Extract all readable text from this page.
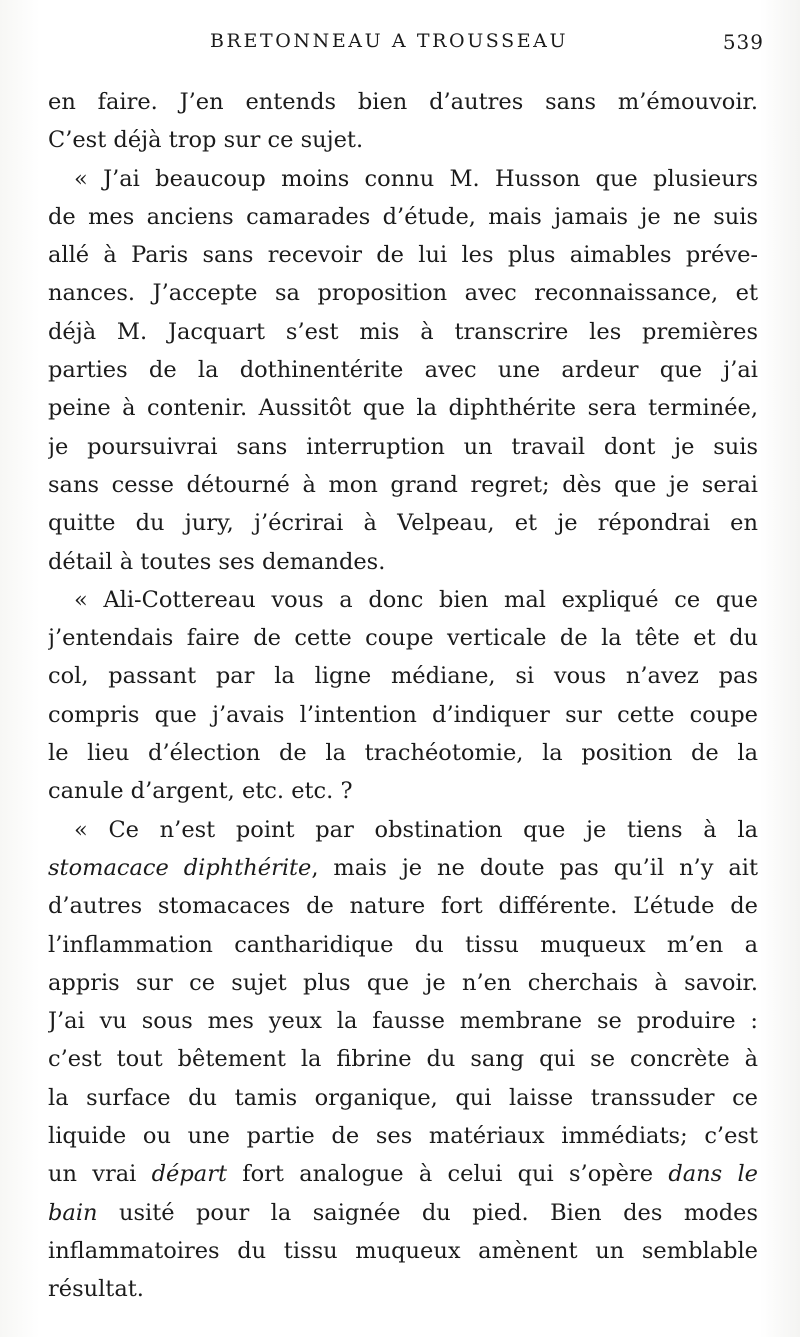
BRETONNEAU A TROUSSEAU	539
en faire. J’en entends bien d’autres sans m’émouvoir.
C’est déjà trop sur ce sujet.
« J’ai beaucoup moins connu M. Husson que plusieurs
de mes anciens camarades d’étude, mais jamais je ne suis
allé à Paris sans recevoir de lui les plus aimables préve-
nances. J’accepte sa proposition avec reconnaissance, et
déjà M. Jacquart s’est mis à transcrire les premières
parties de la dothinentérite avec une ardeur que j’ai
peine à contenir. Aussitôt que la diphthérite sera terminée,
je poursuivrai sans interruption un travail dont je suis
sans cesse détourné à mon grand regret; dès que je serai
quitte du jury, j’écrirai à Velpeau, et je répondrai en
détail à toutes ses demandes.
« Ali-Cottereau vous a donc bien mal expliqué ce que
j’entendais faire de cette coupe verticale de la tête et du
col, passant par la ligne médiane, si vous n’avez pas
compris que j’avais l’intention d’indiquer sur cette coupe
le lieu d’élection de la trachéotomie, la position de la
canule d’argent, etc. etc. ?
« Ce n’est point par obstination que je tiens à la
stomacace diphthérite, mais je ne doute pas qu’il n’y ait
d’autres stomacaces de nature fort différente. L’étude de
l’inflammation cantharidique du tissu muqueux m’en a
appris sur ce sujet plus que je n’en cherchais à savoir.
J’ai vu sous mes yeux la fausse membrane se produire :
c’est tout bêtement la fibrine du sang qui se concrète à
la surface du tamis organique, qui laisse transsuder ce
liquide ou une partie de ses matériaux immédiats; c’est
un vrai départ fort analogue à celui qui s’opère dans le
bain usité pour la saignée du pied. Bien des modes
inflammatoires du tissu muqueux amènent un semblable
résultat.
